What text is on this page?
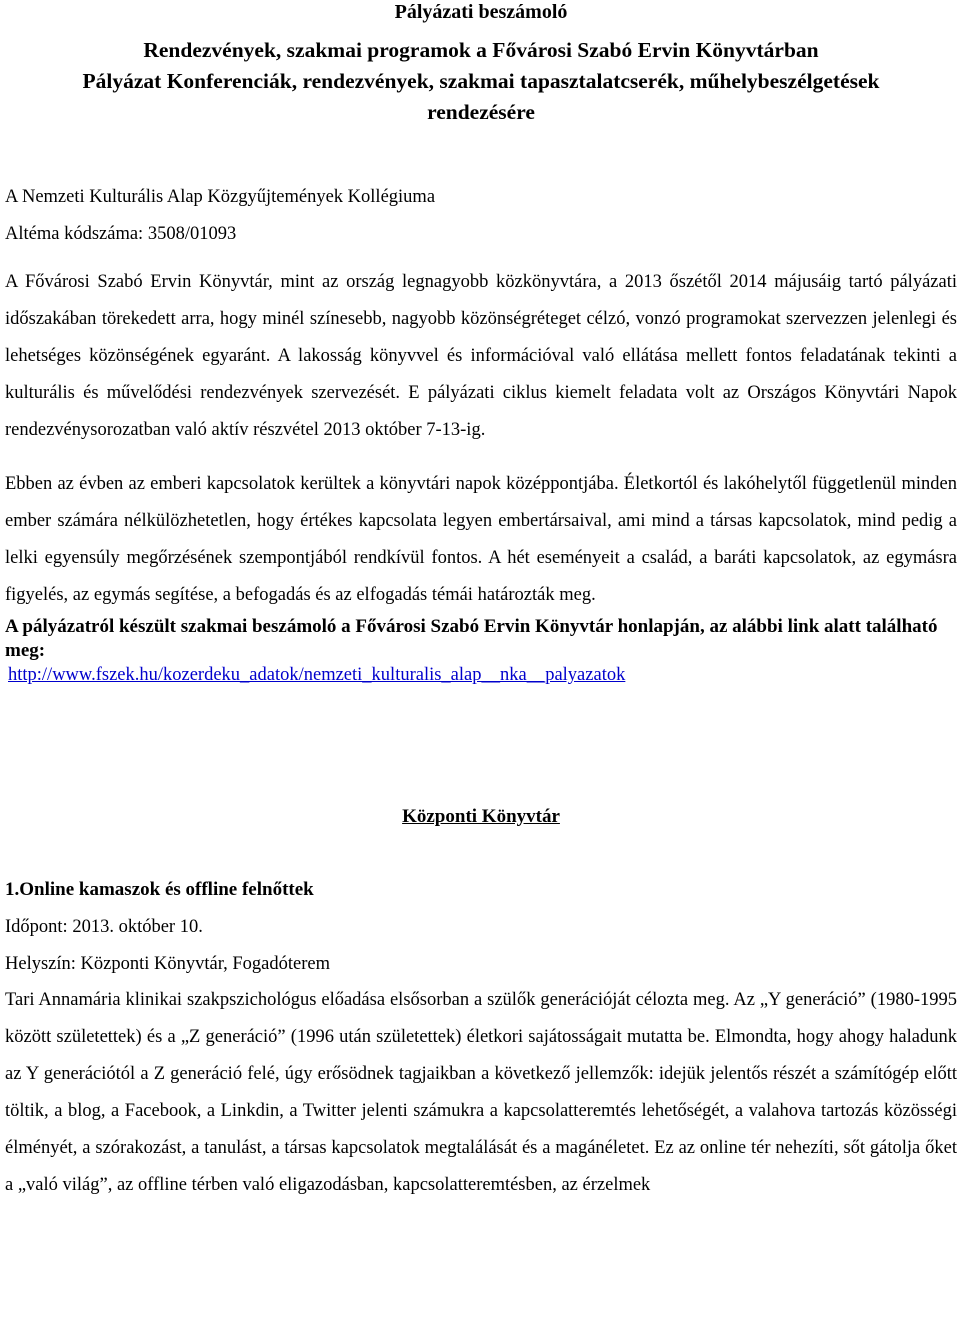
Pályázati beszámoló
Rendezvények, szakmai programok a Fővárosi Szabó Ervin Könyvtárban
Pályázat Konferenciák, rendezvények, szakmai tapasztalatcserék, műhelybeszélgetések
rendezésére
A Nemzeti Kulturális Alap Közgyűjtemények Kollégiuma
Altéma kódszáma: 3508/01093
A Fővárosi Szabó Ervin Könyvtár, mint az ország legnagyobb közkönyvtára, a 2013 őszétől 2014 májusáig tartó pályázati időszakában törekedett arra, hogy minél színesebb, nagyobb közönségréteget célzó, vonzó programokat szervezzen jelenlegi és lehetséges közönségének egyaránt. A lakosság könyvvel és információval való ellátása mellett fontos feladatának tekinti a kulturális és művelődési rendezvények szervezését. E pályázati ciklus kiemelt feladata volt az Országos Könyvtári Napok rendezvénysorozatban való aktív részvétel 2013 október 7-13-ig.
Ebben az évben az emberi kapcsolatok kerültek a könyvtári napok középpontjába. Életkortól és lakóhelytől függetlenül minden ember számára nélkülözhetetlen, hogy értékes kapcsolata legyen embertársaival, ami mind a társas kapcsolatok, mind pedig a lelki egyensúly megőrzésének szempontjából rendkívül fontos. A hét eseményeit a család, a baráti kapcsolatok, az egymásra figyelés, az egymás segítése, a befogadás és az elfogadás témái határozták meg.
A pályázatról készült szakmai beszámoló a Fővárosi Szabó Ervin Könyvtár honlapján, az alábbi link alatt található meg:
http://www.fszek.hu/kozerdeku_adatok/nemzeti_kulturalis_alap__nka__palyazatok
Központi Könyvtár
1.Online kamaszok és offline felnőttek
Időpont: 2013. október 10.
Helyszín: Központi Könyvtár, Fogadóterem
Tari Annamária klinikai szakpszichológus előadása elsősorban a szülők generációját célozta meg. Az „Y generáció” (1980-1995 között születettek) és a „Z generáció” (1996 után születettek) életkori sajátosságait mutatta be. Elmondta, hogy ahogy haladunk az Y generációtól a Z generáció felé, úgy erősödnek tagjaikban a következő jellemzők: idejük jelentős részét a számítógép előtt töltik, a blog, a Facebook, a Linkdin, a Twitter jelenti számukra a kapcsolatteremtés lehetőségét, a valahova tartozás közösségi élményét, a szórakozást, a tanulást, a társas kapcsolatok megtalálását és a magánéletet. Ez az online tér nehezíti, sőt gátolja őket a „való világ”, az offline térben való eligazodásban, kapcsolatteremtésben, az érzelmek
